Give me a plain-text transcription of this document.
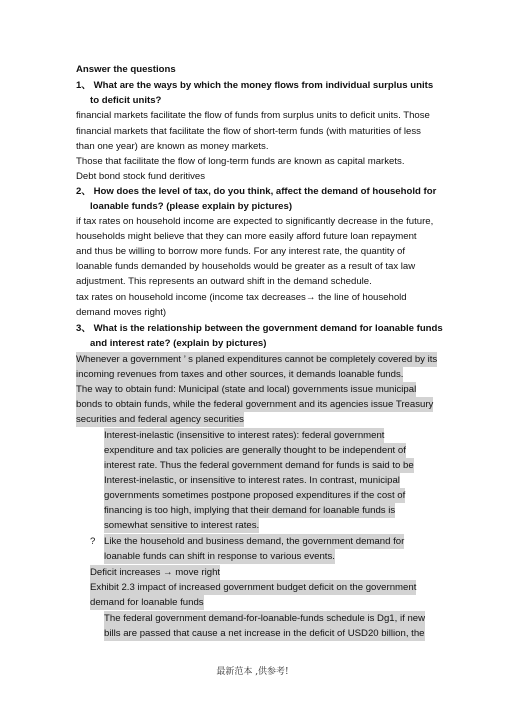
Answer the questions
1、 What are the ways by which the money flows from individual surplus units
to deficit units?
financial markets facilitate the flow of funds from surplus units to deficit units. Those
financial markets that facilitate the flow of short-term funds (with maturities of less
than one year) are known as money markets.
Those that facilitate the flow of long-term funds are known as capital markets.
Debt bond stock fund deritives
2、 How does the level of tax, do you think, affect the demand of household for
loanable funds? (please explain by pictures)
if tax rates on household income are expected to significantly decrease in the future,
households might believe that they can more easily afford future loan repayment
and thus be willing to borrow more funds. For any interest rate, the quantity of
loanable funds demanded by households would be greater as a result of tax law
adjustment. This represents an outward shift in the demand schedule.
tax rates on household income (income tax decreases→ the line of household
demand moves right)
3、 What is the relationship between the government demand for loanable funds
and interest rate? (explain by pictures)
Whenever a government ’ s planed expenditures cannot be completely covered by its
incoming revenues from taxes and other sources, it demands loanable funds.
The way to obtain fund: Municipal (state and local) governments issue municipal
bonds to obtain funds, while the federal government and its agencies issue Treasury
securities and federal agency securities
Interest-inelastic (insensitive to interest rates): federal government
expenditure and tax policies are generally thought to be independent of
interest rate. Thus the federal government demand for funds is said to be
Interest-inelastic, or insensitive to interest rates. In contrast, municipal
governments sometimes postpone proposed expenditures if the cost of
financing is too high, implying that their demand for loanable funds is
somewhat sensitive to interest rates.
? Like the household and business demand, the government demand for
loanable funds can shift in response to various events.
Deficit increases → move right
Exhibit 2.3 impact of increased government budget deficit on the government
demand for loanable funds
The federal government demand-for-loanable-funds schedule is Dg1, if new
bills are passed that cause a net increase in the deficit of USD20 billion, the
最新范本 ,供参考!
